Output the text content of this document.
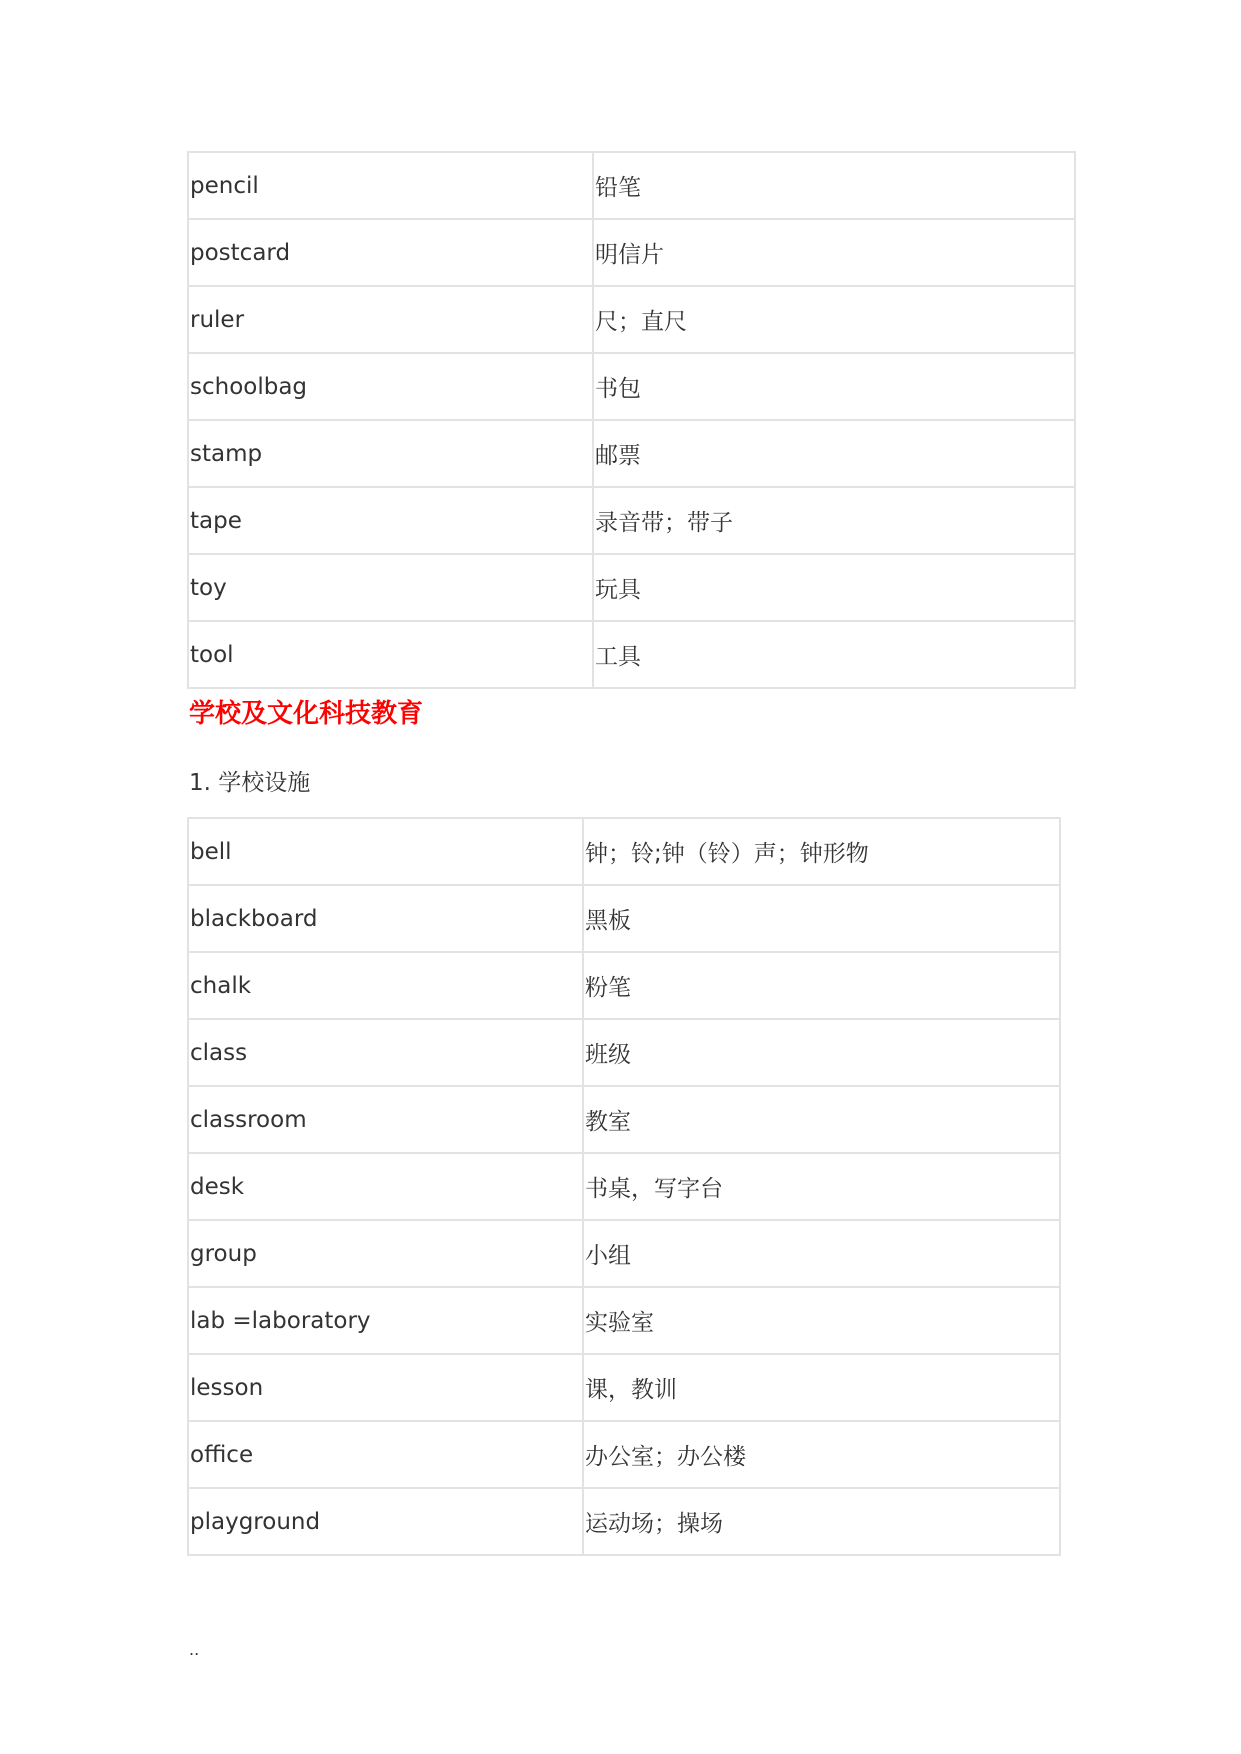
pencil	铅笔
postcard	明信片
ruler	尺；直尺
schoolbag	书包
stamp	邮票
tape	录音带；带子
toy	玩具
tool	工具
学校及文化科技教育

1. 学校设施

bell	钟；铃;钟（铃）声；钟形物
blackboard	黑板
chalk	粉笔
class	班级
classroom	教室
desk	书桌，写字台
group	小组
lab =laboratory	实验室
lesson	课，教训
office	办公室；办公楼
playground	运动场；操场
..
